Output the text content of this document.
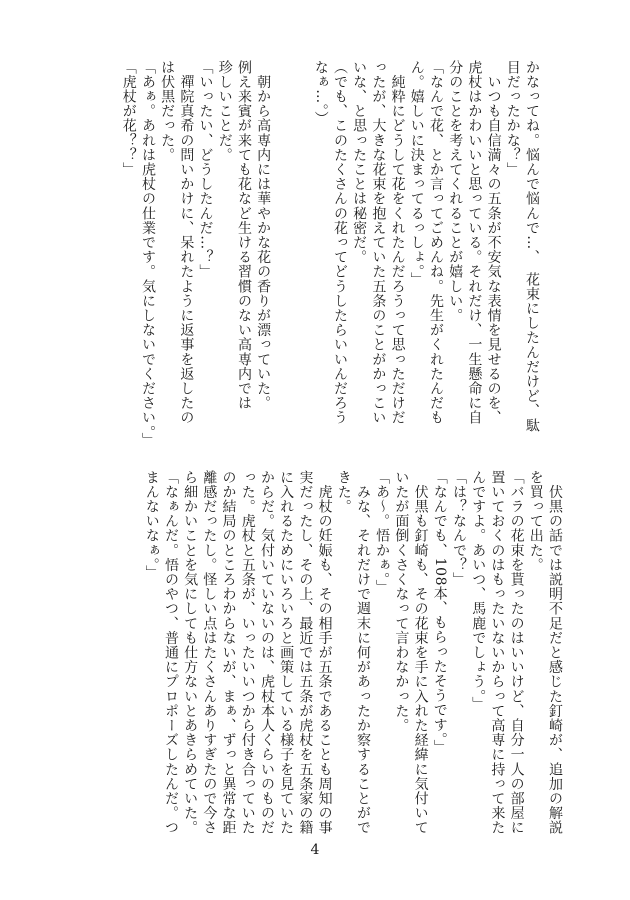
かなってね。悩んで悩んで…、　花束にしたんだけど、駄

目だったかな？」

　いつも自信満々の五条が不安気な表情を見せるのを、

虎杖はかわいいと思っている。それだけ、一生懸命に自

分のことを考えてくれることが嬉しい。

「なんで花、とか言ってごめんね。先生がくれたんだも

ん。嬉しいに決まってるっしょ。」

　純粋にどうして花をくれたんだろうって思っただけだ

ったが、大きな花束を抱えていた五条のことがかっこい

いな、と思ったことは秘密だ。

（でも、このたくさんの花ってどうしたらいいんだろう

なぁ…。）

　朝から高専内には華やかな花の香りが漂っていた。

例え来賓が来ても花など生ける習慣のない高専内では

珍しいことだ。

「いったい、どうしたんだ…？」

　禪院真希の問いかけに、呆れたように返事を返したの

は伏黒だった。

「あぁ。あれは虎杖の仕業です。気にしないでください。」

「虎杖が花？？」

　伏黒の話では説明不足だと感じた釘崎が、追加の解説

を買って出た。

「バラの花束を貰ったのはいいけど、自分一人の部屋に

置いておくのはもったいないからって高専に持って来た

んですよ。あいつ、馬鹿でしょう。」

「は？なんで？」

「なんでも、108本、もらったそうです。」

　伏黒も釘崎も、その花束を手に入れた経緯に気付いて

いたが面倒くさくなって言わなかった。

「あ～。悟かぁ。」

　みな、それだけで週末に何があったか察することがで

きた。

　虎杖の妊娠も、その相手が五条であることも周知の事

実だったし、その上、最近では五条が虎杖を五条家の籍

に入れるためにいろいろと画策している様子を見ていた

からだ。気付いていないのは、虎杖本人くらいのものだ

った。虎杖と五条が、いったいいつから付き合っていた

のか結局のところわからないが、まぁ、ずっと異常な距

離感だったし。怪しい点はたくさんありすぎたので今さ

ら細かいことを気にしても仕方ないとあきらめていた。

「なぁんだ。悟のやつ、普通にプロポーズしたんだ。つ

まんないなぁ。」

4
